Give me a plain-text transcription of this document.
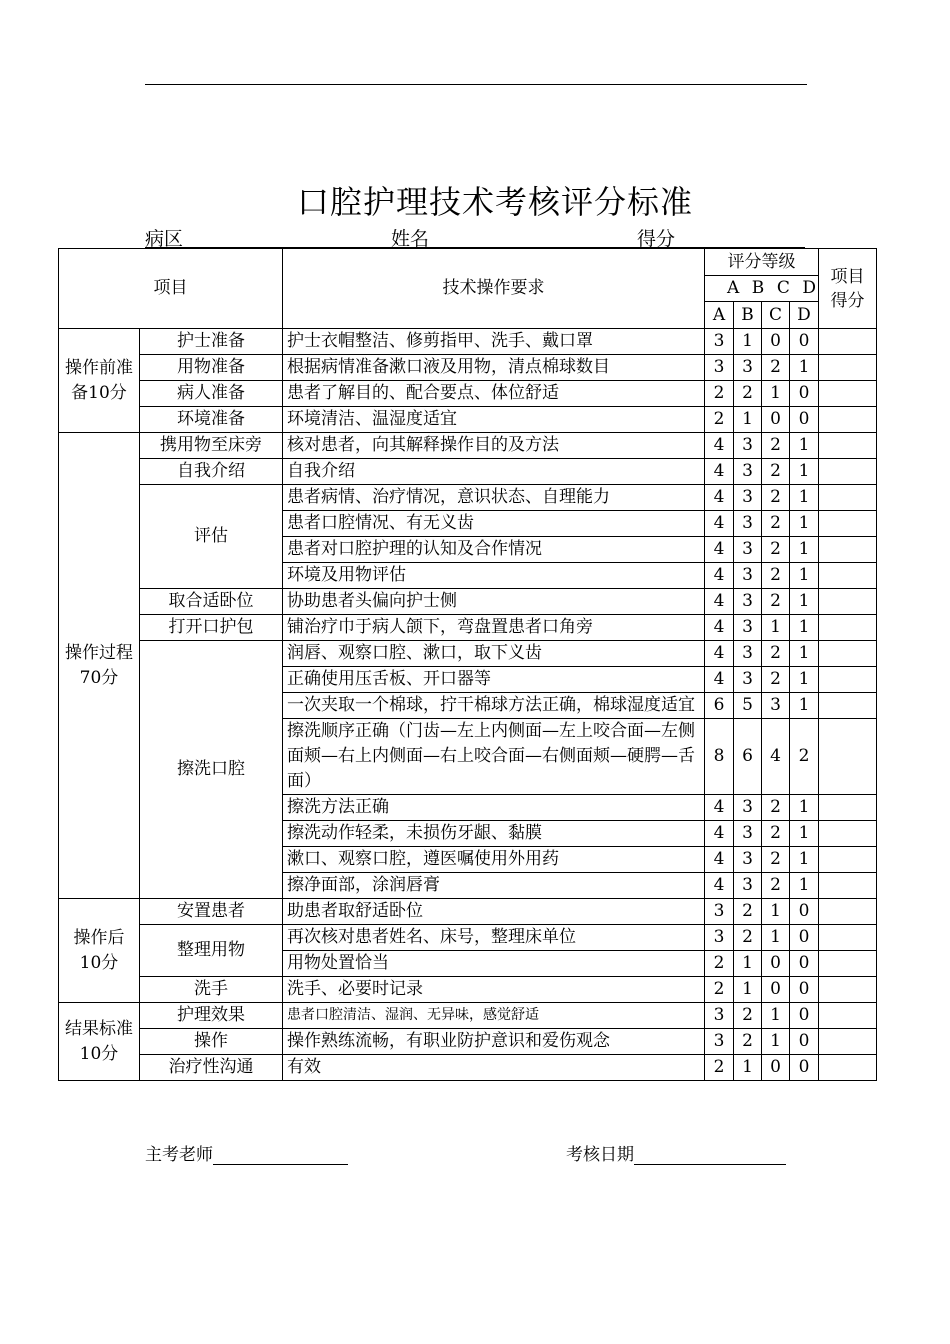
口腔护理技术考核评分标准
病区	姓名	得分
项目		技术操作要求	评分等级				项目得分

			A B C D				

			A	B	C	D	
操作前准备10分	护士准备	护士衣帽整洁、修剪指甲、洗手、戴口罩	3	1	0	0	
	用物准备	根据病情准备漱口液及用物，清点棉球数目	3	3	2	1	
	病人准备	患者了解目的、配合要点、体位舒适	2	2	1	0	
	环境准备	环境清洁、温湿度适宜	2	1	0	0	
操作过程70分	携用物至床旁	核对患者，向其解释操作目的及方法	4	3	2	1	
	自我介绍	自我介绍	4	3	2	1	
	评估	患者病情、治疗情况，意识状态、自理能力	4	3	2	1	
		患者口腔情况、有无义齿	4	3	2	1	
		患者对口腔护理的认知及合作情况	4	3	2	1	
		环境及用物评估	4	3	2	1	
	取合适卧位	协助患者头偏向护士侧	4	3	2	1	
	打开口护包	铺治疗巾于病人颌下，弯盘置患者口角旁	4	3	1	1	
	擦洗口腔	润唇、观察口腔、漱口，取下义齿	4	3	2	1	
		正确使用压舌板、开口器等	4	3	2	1	
		一次夹取一个棉球，拧干棉球方法正确，棉球湿度适宜	6	5	3	1	
		擦洗顺序正确（门齿—左上内侧面—左上咬合面—左侧面颊—右上内侧面—右上咬合面—右侧面颊—硬腭—舌面）	8	6	4	2	
		擦洗方法正确	4	3	2	1	
		擦洗动作轻柔，未损伤牙龈、黏膜	4	3	2	1	
		漱口、观察口腔，遵医嘱使用外用药	4	3	2	1	
		擦净面部，涂润唇膏	4	3	2	1	
操作后10分	安置患者	助患者取舒适卧位	3	2	1	0	
	整理用物	再次核对患者姓名、床号，整理床单位	3	2	1	0	
		用物处置恰当	2	1	0	0	
	洗手	洗手、必要时记录	2	1	0	0	
结果标准10分	护理效果	患者口腔清洁、湿润、无异味，感觉舒适	3	2	1	0	
	操作	操作熟练流畅，有职业防护意识和爱伤观念	3	2	1	0	
	治疗性沟通	有效	2	1	0	0	
主考老师	考核日期
